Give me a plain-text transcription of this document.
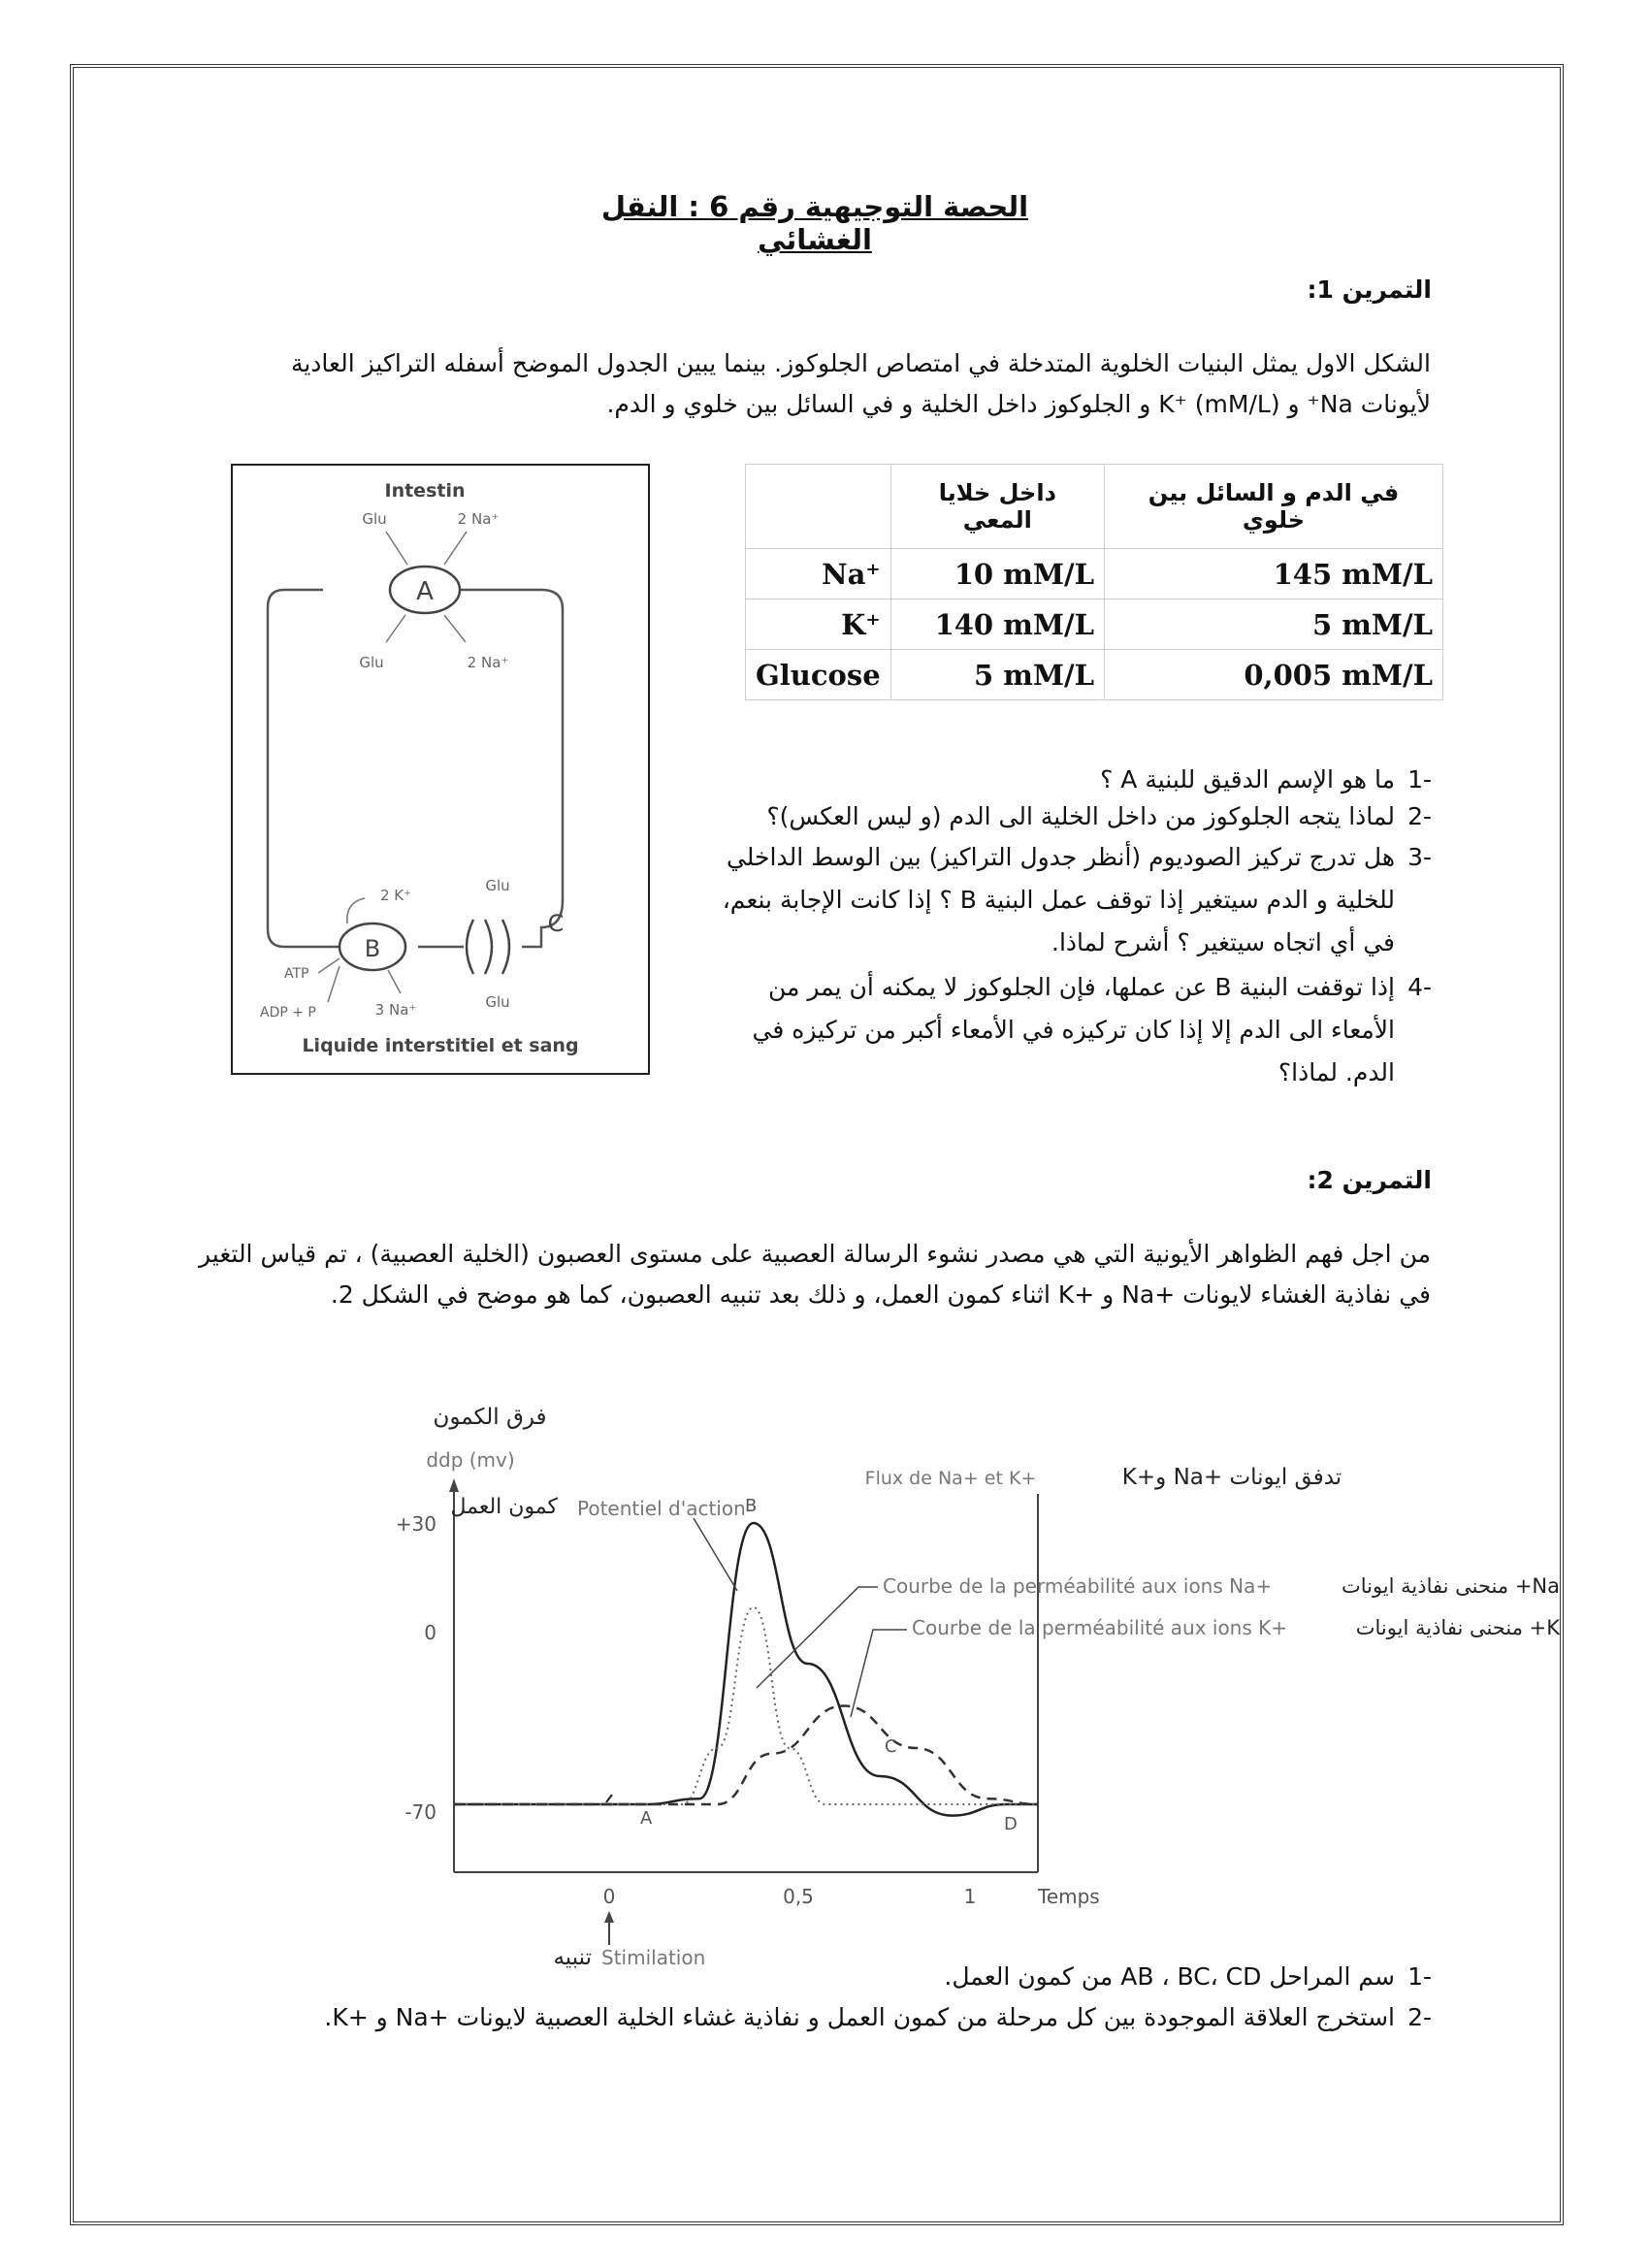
الحصة التوجيهية رقم 6 : النقل الغشائي
التمرين 1:
الشكل الاول يمثل البنيات الخلوية المتدخلة في امتصاص الجلوكوز. بينما يبين الجدول الموضح أسفله التراكيز العادية
لأيونات Na⁺ و K⁺ (mM/L) و الجلوكوز داخل الخلية و في السائل بين خلوي و الدم.
Intestin
A
Glu	2 Na⁺
Glu	2 Na⁺
B
2 K⁺
3 Na⁺
ATP
ADP + P
C
Glu
Glu
Liquide interstitiel et sang
في الدم و السائل بين خلوي	داخل خلايا المعي	
145 mM/L	10 mM/L	Na⁺
5 mM/L	140 mM/L	K⁺
0,005 mM/L	5 mM/L	Glucose
-1ما هو الإسم الدقيق للبنية A ؟
-2لماذا يتجه الجلوكوز من داخل الخلية الى الدم (و ليس العكس)؟
-3هل تدرج تركيز الصوديوم (أنظر جدول التراكيز) بين الوسط الداخلي للخلية و الدم سيتغير إذا توقف عمل البنية B ؟ إذا كانت الإجابة بنعم، في أي اتجاه سيتغير ؟ أشرح لماذا.
-4إذا توقفت البنية B عن عملها، فإن الجلوكوز لا يمكنه أن يمر من الأمعاء الى الدم إلا إذا كان تركيزه في الأمعاء أكبر من تركيزه في الدم. لماذا؟
التمرين 2:
من اجل فهم الظواهر الأيونية التي هي مصدر نشوء الرسالة العصبية على مستوى العصبون (الخلية العصبية) ، تم قياس التغير في نفاذية الغشاء لايونات +Na و +K اثناء كمون العمل، و ذلك بعد تنبيه العصبون، كما هو موضح في الشكل 2.
فرق الكمون
ddp (mv)
Flux de Na+ et K+	تدفق ايونات +Na و+K
+30
0
-70
0	0,5	1	Temps
Stimilation
تنبيه
A
B
C
D
كمون العمل Potentiel d'action
Courbe de la perméabilité aux ions Na+	منحنى نفاذية ايونات +Na
Courbe de la perméabilité aux ions K+	منحنى نفاذية ايونات +K
-1سم المراحل AB ، BC، CD من كمون العمل.
-2استخرج العلاقة الموجودة بين كل مرحلة من كمون العمل و نفاذية غشاء الخلية العصبية لايونات +Na و +K.
